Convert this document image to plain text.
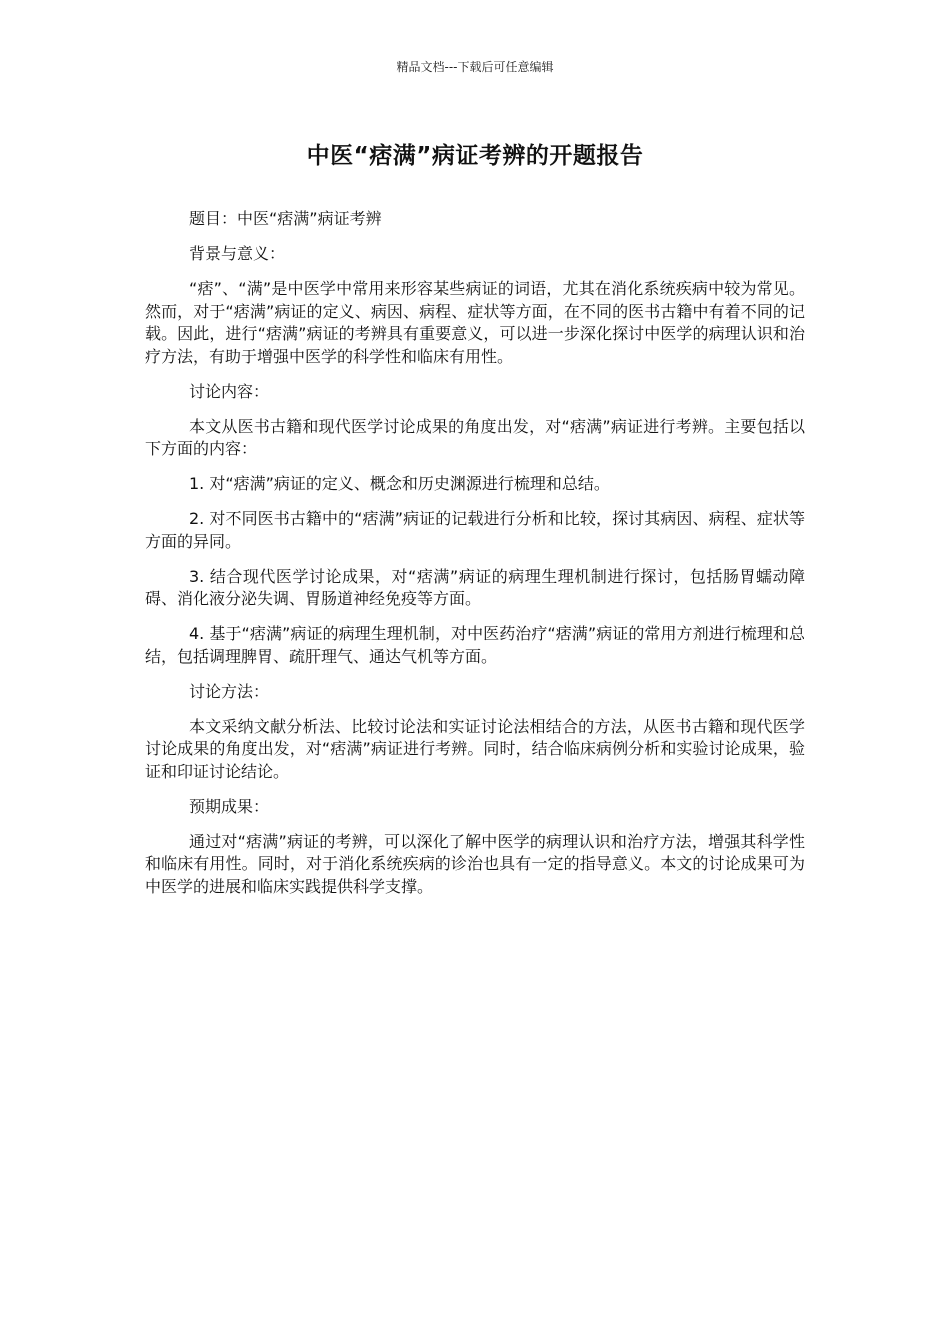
精品文档---下载后可任意编辑
中医“痞满”病证考辨的开题报告

题目：中医“痞满”病证考辨

背景与意义：

“痞”、“满”是中医学中常用来形容某些病证的词语，尤其在消化系统疾病中较为常见。然而，对于“痞满”病证的定义、病因、病程、症状等方面，在不同的医书古籍中有着不同的记载。因此，进行“痞满”病证的考辨具有重要意义，可以进一步深化探讨中医学的病理认识和治疗方法，有助于增强中医学的科学性和临床有用性。

讨论内容：

本文从医书古籍和现代医学讨论成果的角度出发，对“痞满”病证进行考辨。主要包括以下方面的内容：

1. 对“痞满”病证的定义、概念和历史渊源进行梳理和总结。

2. 对不同医书古籍中的“痞满”病证的记载进行分析和比较，探讨其病因、病程、症状等方面的异同。

3. 结合现代医学讨论成果，对“痞满”病证的病理生理机制进行探讨，包括肠胃蠕动障碍、消化液分泌失调、胃肠道神经免疫等方面。

4. 基于“痞满”病证的病理生理机制，对中医药治疗“痞满”病证的常用方剂进行梳理和总结，包括调理脾胃、疏肝理气、通达气机等方面。

讨论方法：

本文采纳文献分析法、比较讨论法和实证讨论法相结合的方法，从医书古籍和现代医学讨论成果的角度出发，对“痞满”病证进行考辨。同时，结合临床病例分析和实验讨论成果，验证和印证讨论结论。

预期成果：

通过对“痞满”病证的考辨，可以深化了解中医学的病理认识和治疗方法，增强其科学性和临床有用性。同时，对于消化系统疾病的诊治也具有一定的指导意义。本文的讨论成果可为中医学的进展和临床实践提供科学支撑。
